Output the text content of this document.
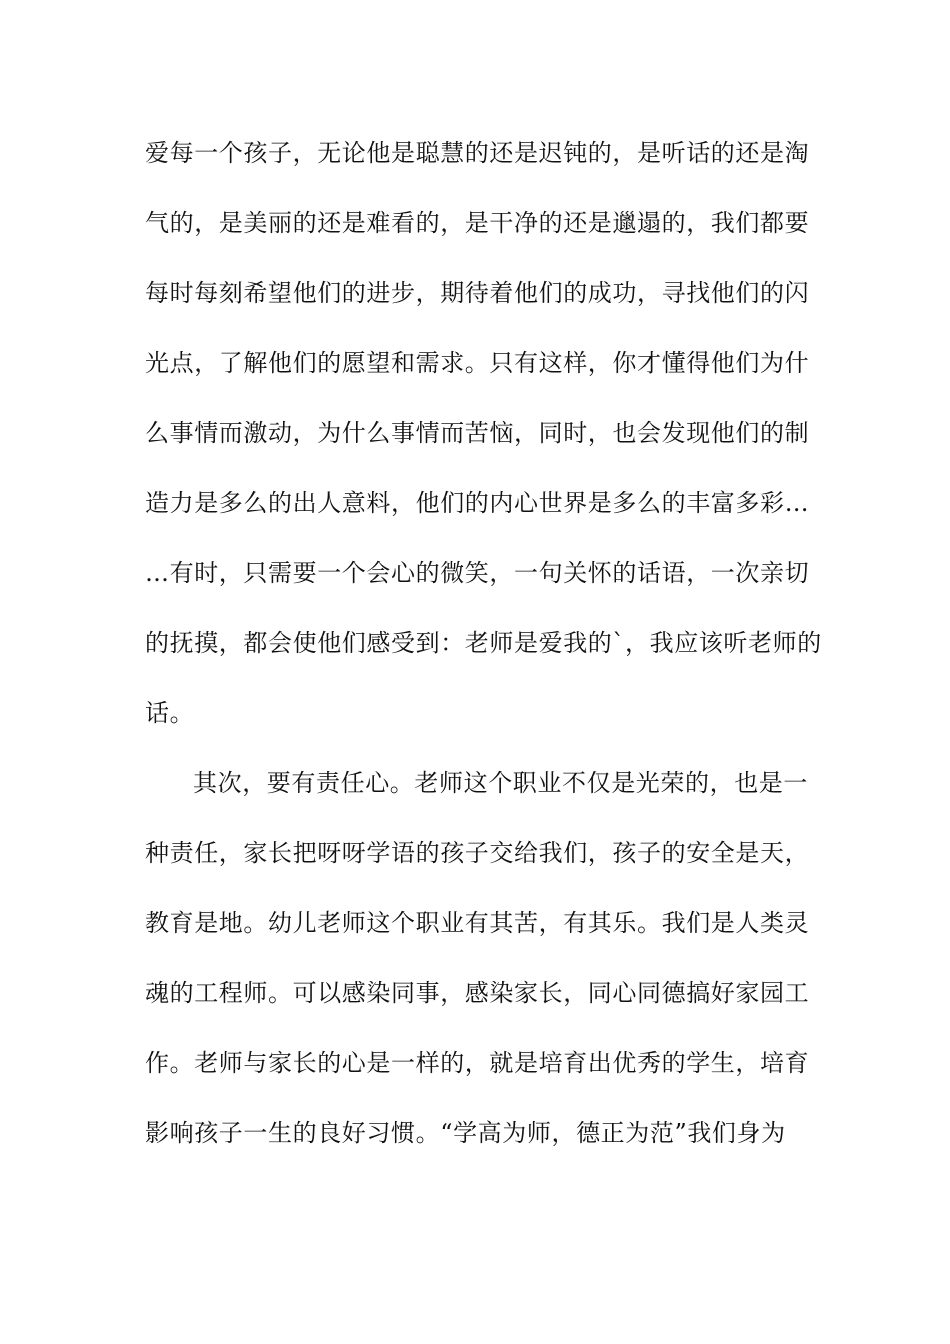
爱每一个孩子，无论他是聪慧的还是迟钝的，是听话的还是淘
气的，是美丽的还是难看的，是干净的还是邋遢的，我们都要
每时每刻希望他们的进步，期待着他们的成功，寻找他们的闪
光点，了解他们的愿望和需求。只有这样，你才懂得他们为什
么事情而激动，为什么事情而苦恼，同时，也会发现他们的制
造力是多么的出人意料，他们的内心世界是多么的丰富多彩…
…有时，只需要一个会心的微笑，一句关怀的话语，一次亲切
的抚摸，都会使他们感受到：老师是爱我的`，我应该听老师的
话。
其次，要有责任心。老师这个职业不仅是光荣的，也是一
种责任，家长把呀呀学语的孩子交给我们，孩子的安全是天，
教育是地。幼儿老师这个职业有其苦，有其乐。我们是人类灵
魂的工程师。可以感染同事，感染家长，同心同德搞好家园工
作。老师与家长的心是一样的，就是培育出优秀的学生，培育
影响孩子一生的良好习惯。“学高为师，德正为范”我们身为
